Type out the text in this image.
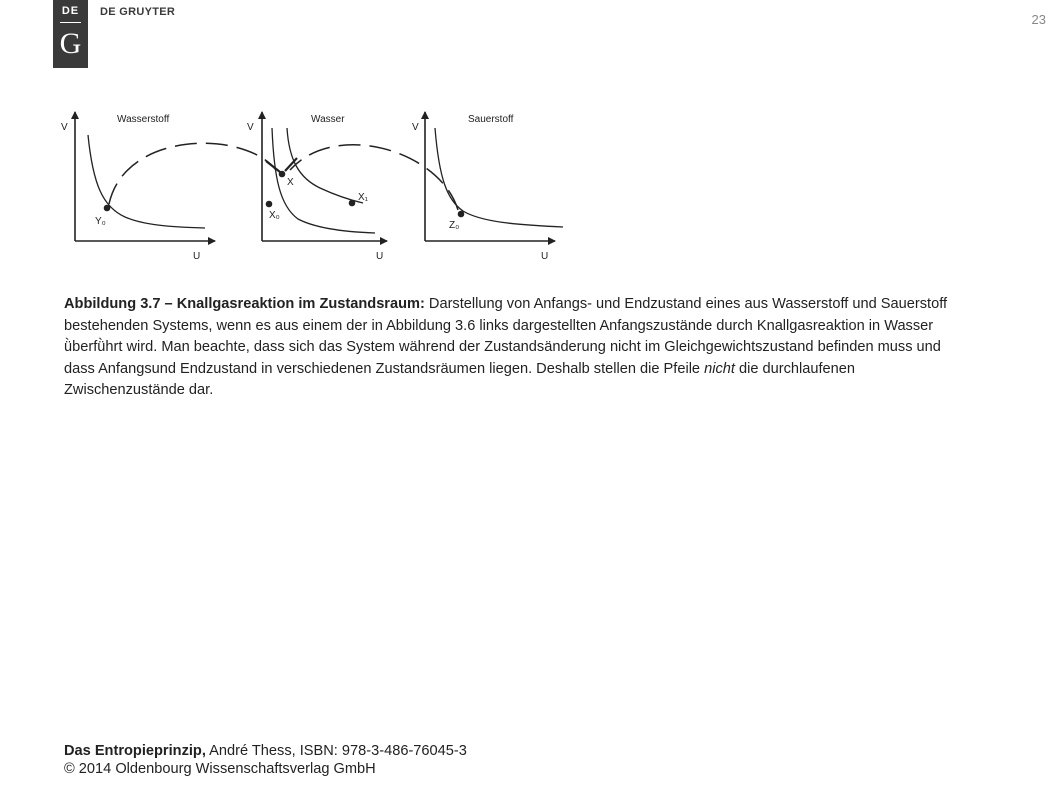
DE
G
DE GRUYTER	23
V
U
Wasserstoff
Y₀
V
U
Wasser
X
X₀
X₁
V
U
Sauerstoff
Z₀
Abbildung 3.7 – Knallgasreaktion im Zustandsraum: Darstellung von Anfangs- und Endzustand eines aus Wasserstoff und Sauerstoff bestehenden Systems, wenn es aus einem der in Abbildung 3.6 links dargestellten Anfangszustände durch Knallgasreaktion in Wasser ǜberfǜhrt wird. Man beachte, dass sich das System während der Zustandsänderung nicht im Gleichgewichtszustand befinden muss und dass Anfangsund Endzustand in verschiedenen Zustandsräumen liegen. Deshalb stellen die Pfeile nicht die durchlaufenen Zwischenzustände dar.
Das Entropieprinzip, André Thess, ISBN: 978-3-486-76045-3
© 2014 Oldenbourg Wissenschaftsverlag GmbH
